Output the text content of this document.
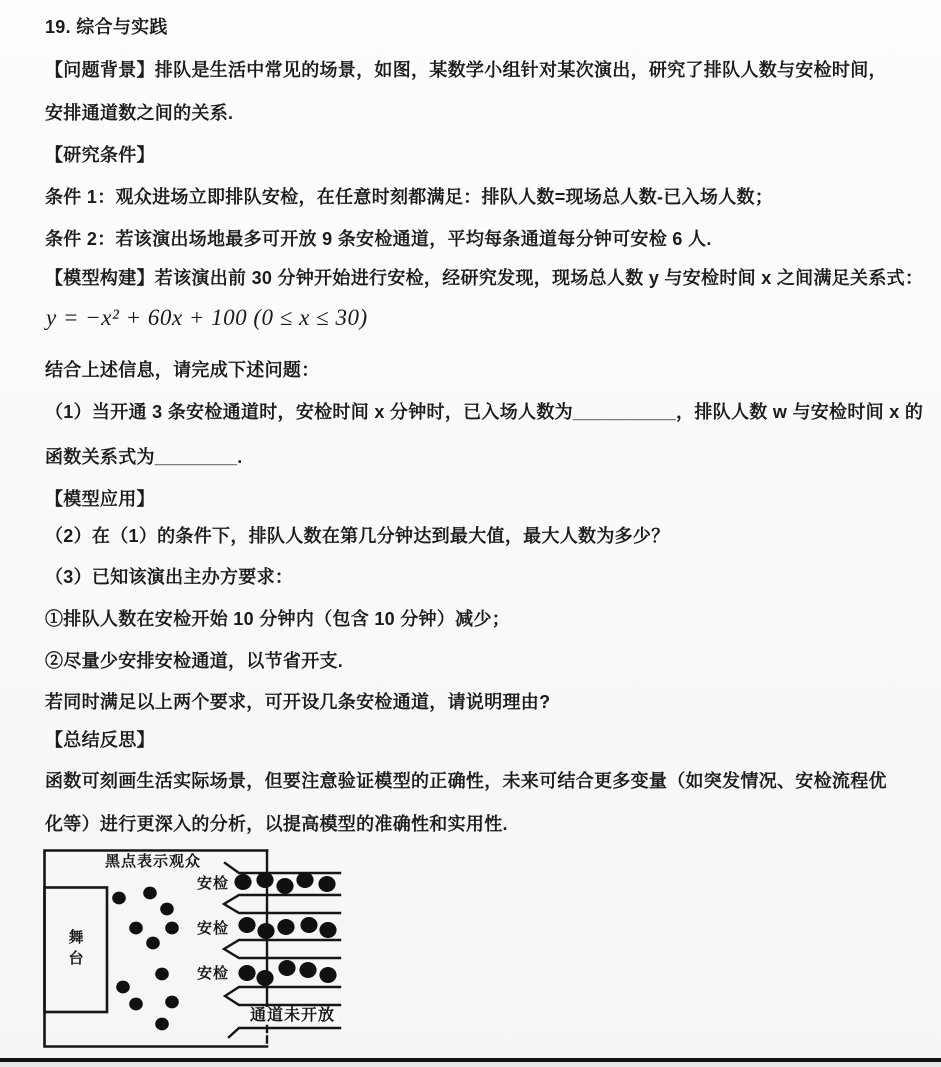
19. 综合与实践
【问题背景】排队是生活中常见的场景，如图，某数学小组针对某次演出，研究了排队人数与安检时间，
安排通道数之间的关系.
【研究条件】
条件 1：观众进场立即排队安检，在任意时刻都满足：排队人数=现场总人数-已入场人数；
条件 2：若该演出场地最多可开放 9 条安检通道，平均每条通道每分钟可安检 6 人.
【模型构建】若该演出前 30 分钟开始进行安检，经研究发现，现场总人数 y 与安检时间 x 之间满足关系式：
y = −x² + 60x + 100 (0 ≤ x ≤ 30)
结合上述信息，请完成下述问题：
（1）当开通 3 条安检通道时，安检时间 x 分钟时，已入场人数为__________，排队人数 w 与安检时间 x 的
函数关系式为________.
【模型应用】
（2）在（1）的条件下，排队人数在第几分钟达到最大值，最大人数为多少？
（3）已知该演出主办方要求：
①排队人数在安检开始 10 分钟内（包含 10 分钟）减少；
②尽量少安排安检通道，以节省开支.
若同时满足以上两个要求，可开设几条安检通道，请说明理由?
【总结反思】
函数可刻画生活实际场景，但要注意验证模型的正确性，未来可结合更多变量（如突发情况、安检流程优
化等）进行更深入的分析，以提高模型的准确性和实用性.
黑点表示观众
安检
安检
安检
通道未开放
舞台
